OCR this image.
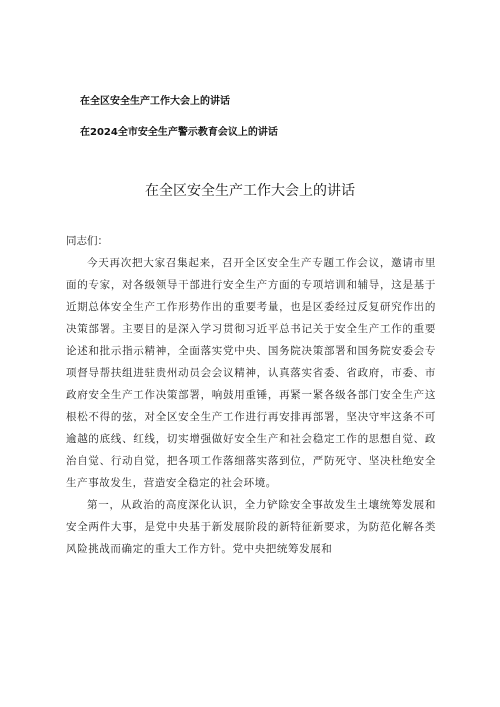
在全区安全生产工作大会上的讲话
在2024全市安全生产警示教育会议上的讲话
在全区安全生产工作大会上的讲话

同志们：

今天再次把大家召集起来，召开全区安全生产专题工作会议，邀请市里面的专家，对各级领导干部进行安全生产方面的专项培训和辅导，这是基于近期总体安全生产工作形势作出的重要考量，也是区委经过反复研究作出的决策部署。主要目的是深入学习贯彻习近平总书记关于安全生产工作的重要论述和批示指示精神，全面落实党中央、国务院决策部署和国务院安委会专项督导帮扶组进驻贵州动员会会议精神，认真落实省委、省政府，市委、市政府安全生产工作决策部署，响鼓用重锤，再紧一紧各级各部门安全生产这根松不得的弦，对全区安全生产工作进行再安排再部署，坚决守牢这条不可逾越的底线、红线，切实增强做好安全生产和社会稳定工作的思想自觉、政治自觉、行动自觉，把各项工作落细落实落到位，严防死守、坚决杜绝安全生产事故发生，营造安全稳定的社会环境。

第一，从政治的高度深化认识，全力铲除安全事故发生土壤统筹发展和安全两件大事，是党中央基于新发展阶段的新特征新要求，为防范化解各类风险挑战而确定的重大工作方针。党中央把统筹发展和
